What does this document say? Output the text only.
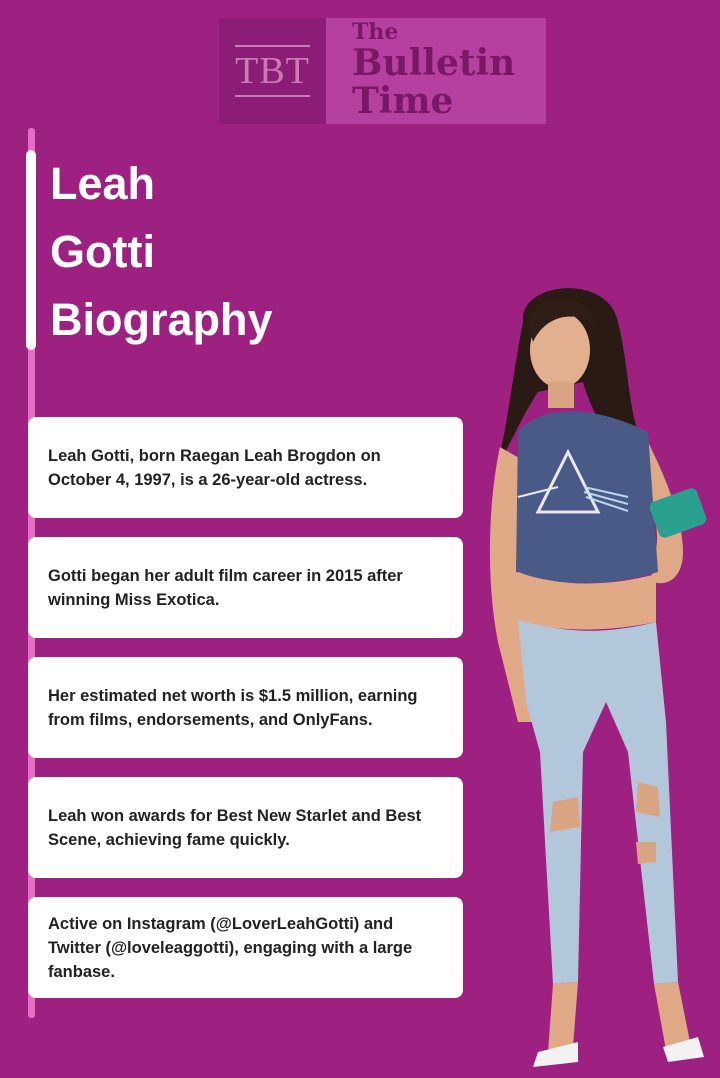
TBT
The
Bulletin
Time
Leah
Gotti
Biography
Leah Gotti, born Raegan Leah Brogdon on October 4, 1997, is a 26-year-old actress.
Gotti began her adult film career in 2015 after winning Miss Exotica.
Her estimated net worth is $1.5 million, earning from films, endorsements, and OnlyFans.
Leah won awards for Best New Starlet and Best Scene, achieving fame quickly.
Active on Instagram (@LoverLeahGotti) and Twitter (@loveleaggotti), engaging with a large fanbase.
